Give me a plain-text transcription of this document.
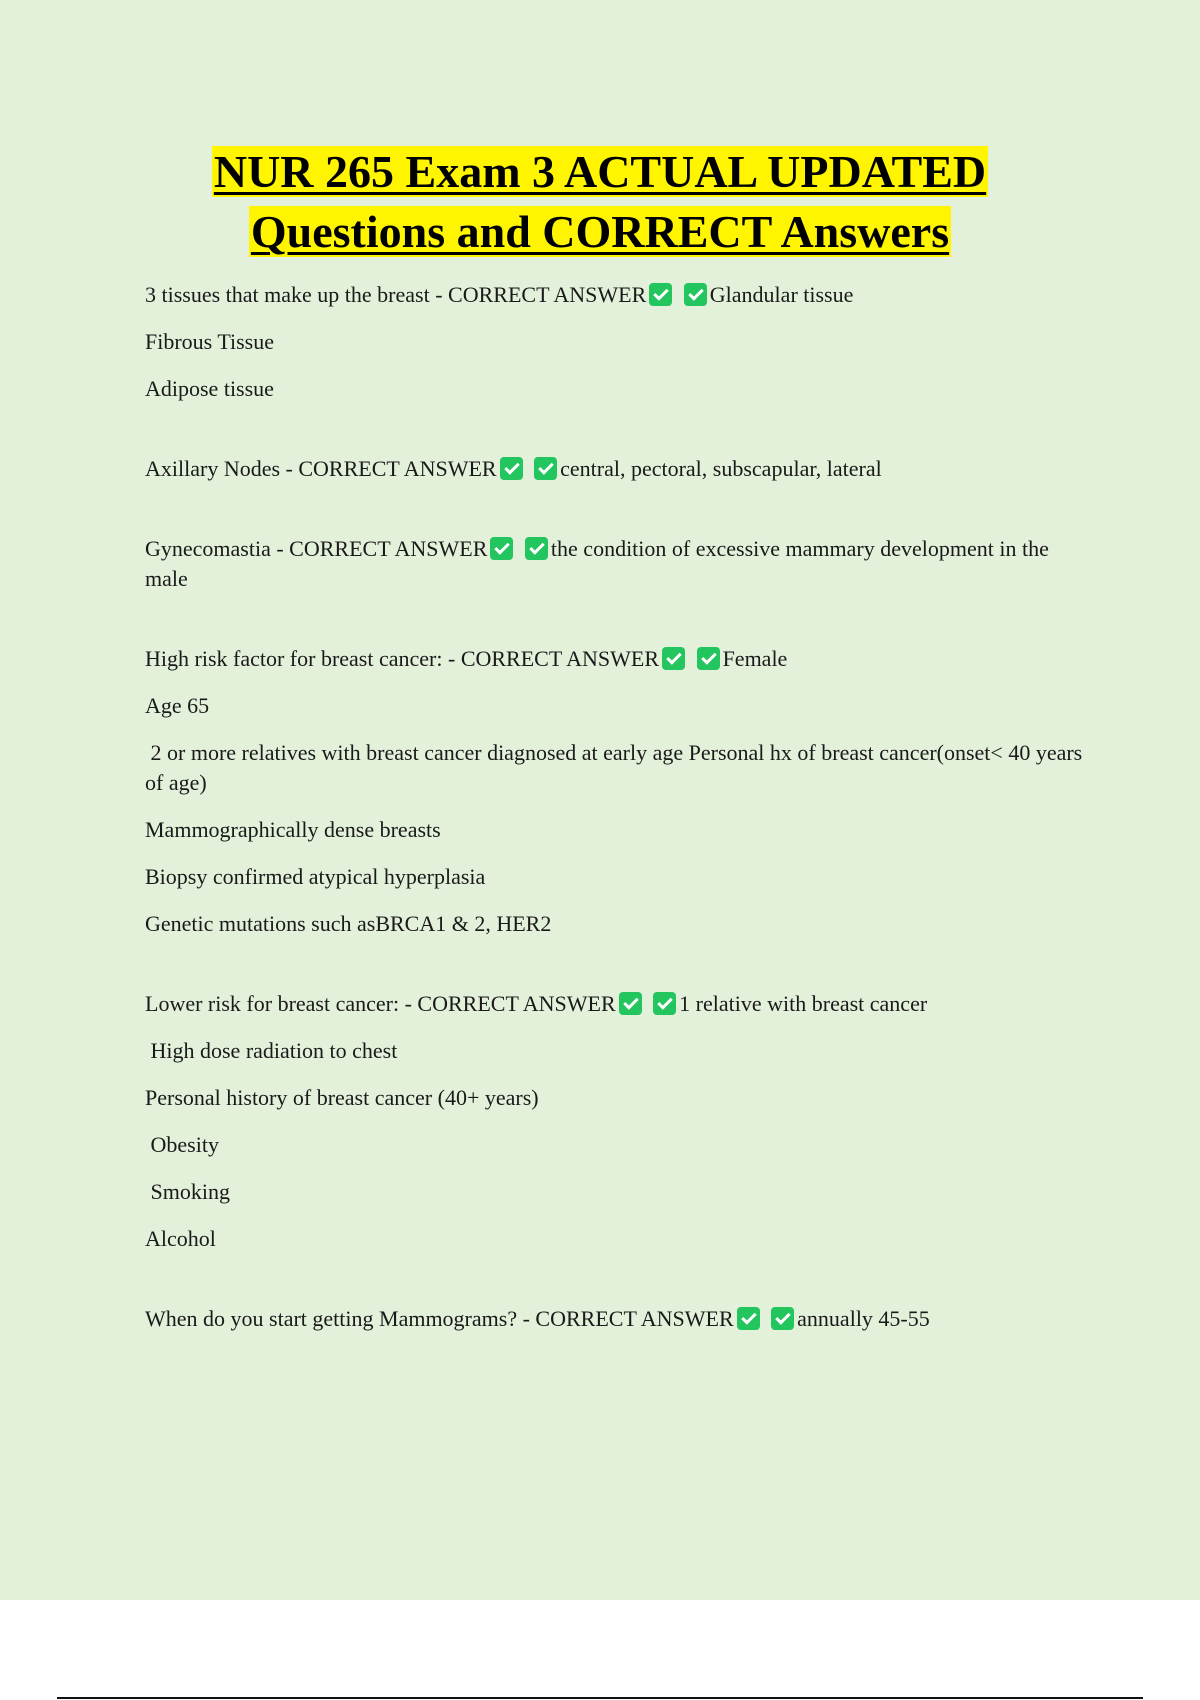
NUR 265 Exam 3 ACTUAL UPDATED
Questions and CORRECT Answers

3 tissues that make up the breast - CORRECT ANSWER	Glandular tissue

Fibrous Tissue

Adipose tissue

Axillary Nodes - CORRECT ANSWER	central, pectoral, subscapular, lateral

Gynecomastia - CORRECT ANSWER	the condition of excessive mammary development in the male

High risk factor for breast cancer: - CORRECT ANSWER	Female

Age 65

2 or more relatives with breast cancer diagnosed at early age Personal hx of breast cancer(onset< 40 years of age)

Mammographically dense breasts

Biopsy confirmed atypical hyperplasia

Genetic mutations such asBRCA1 & 2, HER2

Lower risk for breast cancer: - CORRECT ANSWER	1 relative with breast cancer

High dose radiation to chest

Personal history of breast cancer (40+ years)

Obesity

Smoking

Alcohol

When do you start getting Mammograms? - CORRECT ANSWER	annually 45-55
